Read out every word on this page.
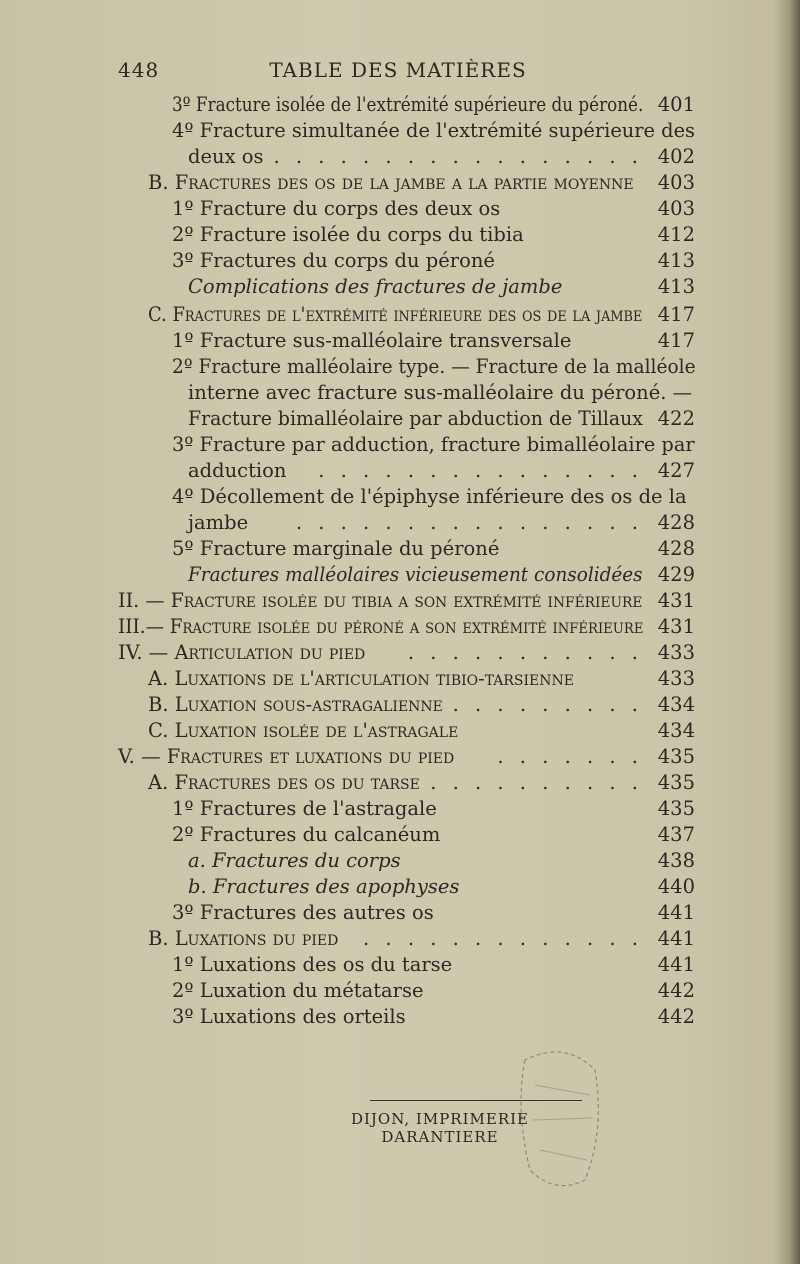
448	TABLE DES MATIÈRES
3º Fracture isolée de l'extrémité supérieure du péroné. 401
4º Fracture simultanée de l'extrémité supérieure des
deux os . . . . . . . . . . . . . . . . . 402
B. Fractures des os de la jambe a la partie moyenne 403
1º Fracture du corps des deux os	403
2º Fracture isolée du corps du tibia	412
3º Fractures du corps du péroné	413
Complications des fractures de jambe	413
C. Fractures de l'extrémité inférieure des os de la jambe 417
1º Fracture sus-malléolaire transversale	417
2º Fracture malléolaire type. — Fracture de la malléole
interne avec fracture sus-malléolaire du péroné. —
Fracture bimalléolaire par abduction de Tillaux 422
3º Fracture par adduction, fracture bimalléolaire par
adduction . . . . . . . . . . . . . . . 427
4º Décollement de l'épiphyse inférieure des os de la
jambe . . . . . . . . . . . . . . . . 428
5º Fracture marginale du péroné	428
Fractures malléolaires vicieusement consolidées 429
II. — Fracture isolée du tibia a son extrémité inférieure 431
III.— Fracture isolée du péroné a son extrémité inférieure 431
IV. — Articulation du pied . . . . . . . . . . . 433
A. Luxations de l'articulation tibio-tarsienne	433
B. Luxation sous-astragalienne . . . . . . . . . 434
C. Luxation isolée de l'astragale	434
V. — Fractures et luxations du pied . . . . . . . 435
A. Fractures des os du tarse . . . . . . . . . . 435
1º Fractures de l'astragale	435
2º Fractures du calcanéum	437
a. Fractures du corps	438
b. Fractures des apophyses	440
3º Fractures des autres os	441
B. Luxations du pied . . . . . . . . . . . . . 441
1º Luxations des os du tarse	441
2º Luxation du métatarse	442
3º Luxations des orteils	442
DIJON, IMPRIMERIE DARANTIERE
